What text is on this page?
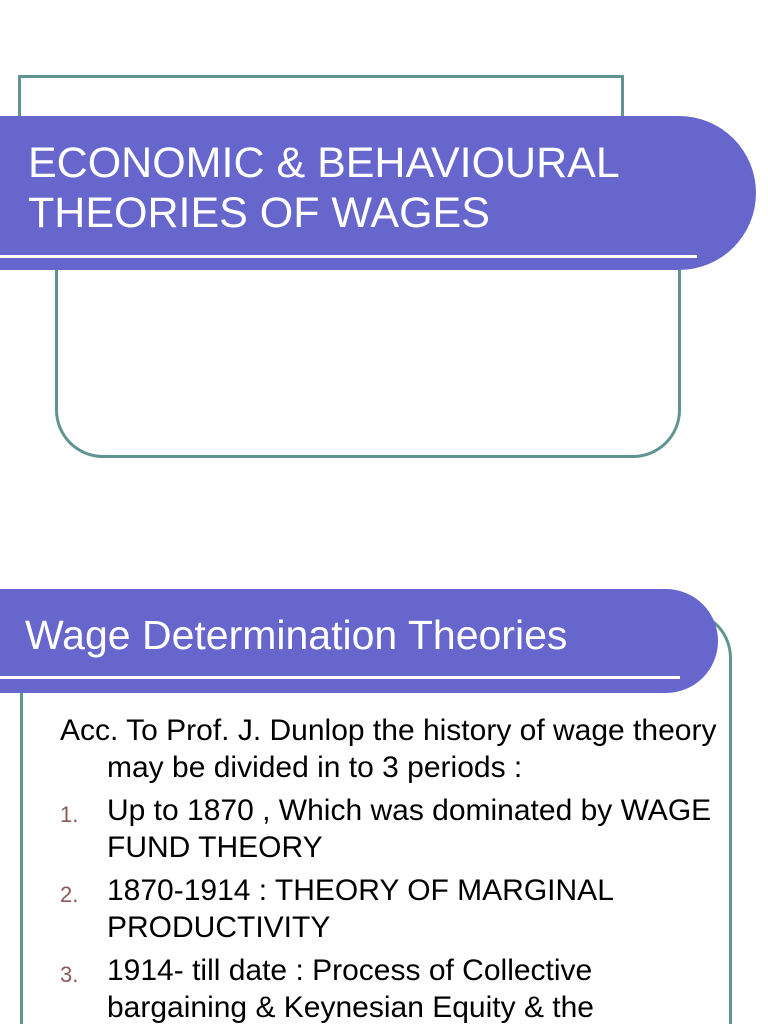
ECONOMIC & BEHAVIOURAL
THEORIES OF WAGES
Wage Determination Theories

Acc. To Prof. J. Dunlop the history of wage theory may be divided in to 3 periods :

1. Up to 1870 , Which was dominated by WAGE FUND THEORY
2. 1870-1914 : THEORY OF MARGINAL PRODUCTIVITY
3. 1914- till date : Process of Collective bargaining & Keynesian Equity & the
